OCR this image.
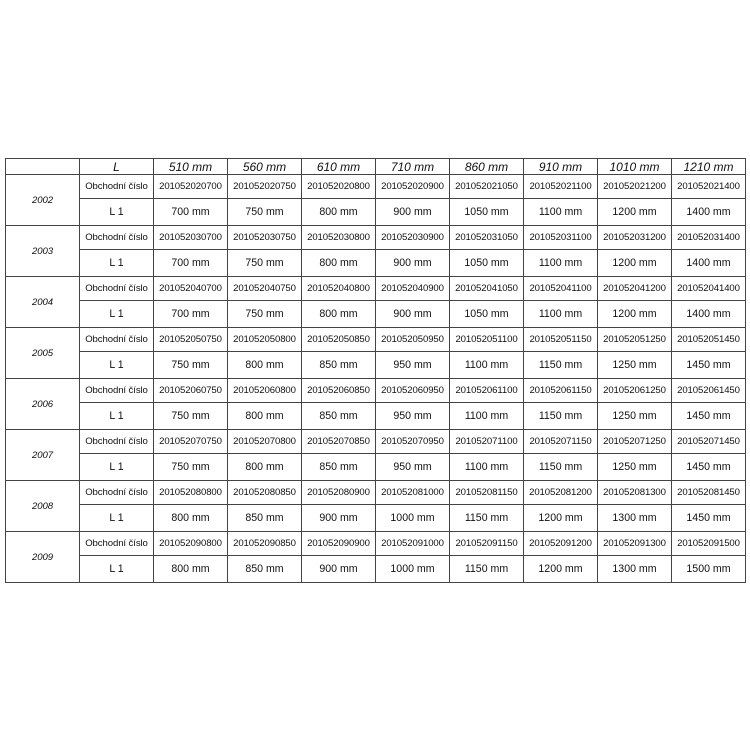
	L	510 mm	560 mm	610 mm	710 mm	860 mm	910 mm	1010 mm	1210 mm
2002	Obchodní číslo	201052020700	201052020750	201052020800	201052020900	201052021050	201052021100	201052021200	201052021400
	L 1	700 mm	750 mm	800 mm	900 mm	1050 mm	1100 mm	1200 mm	1400 mm
2003	Obchodní číslo	201052030700	201052030750	201052030800	201052030900	201052031050	201052031100	201052031200	201052031400
	L 1	700 mm	750 mm	800 mm	900 mm	1050 mm	1100 mm	1200 mm	1400 mm
2004	Obchodní číslo	201052040700	201052040750	201052040800	201052040900	201052041050	201052041100	201052041200	201052041400
	L 1	700 mm	750 mm	800 mm	900 mm	1050 mm	1100 mm	1200 mm	1400 mm
2005	Obchodní číslo	201052050750	201052050800	201052050850	201052050950	201052051100	201052051150	201052051250	201052051450
	L 1	750 mm	800 mm	850 mm	950 mm	1100 mm	1150 mm	1250 mm	1450 mm
2006	Obchodní číslo	201052060750	201052060800	201052060850	201052060950	201052061100	201052061150	201052061250	201052061450
	L 1	750 mm	800 mm	850 mm	950 mm	1100 mm	1150 mm	1250 mm	1450 mm
2007	Obchodní číslo	201052070750	201052070800	201052070850	201052070950	201052071100	201052071150	201052071250	201052071450
	L 1	750 mm	800 mm	850 mm	950 mm	1100 mm	1150 mm	1250 mm	1450 mm
2008	Obchodní číslo	201052080800	201052080850	201052080900	201052081000	201052081150	201052081200	201052081300	201052081450
	L 1	800 mm	850 mm	900 mm	1000 mm	1150 mm	1200 mm	1300 mm	1450 mm
2009	Obchodní číslo	201052090800	201052090850	201052090900	201052091000	201052091150	201052091200	201052091300	201052091500
	L 1	800 mm	850 mm	900 mm	1000 mm	1150 mm	1200 mm	1300 mm	1500 mm
